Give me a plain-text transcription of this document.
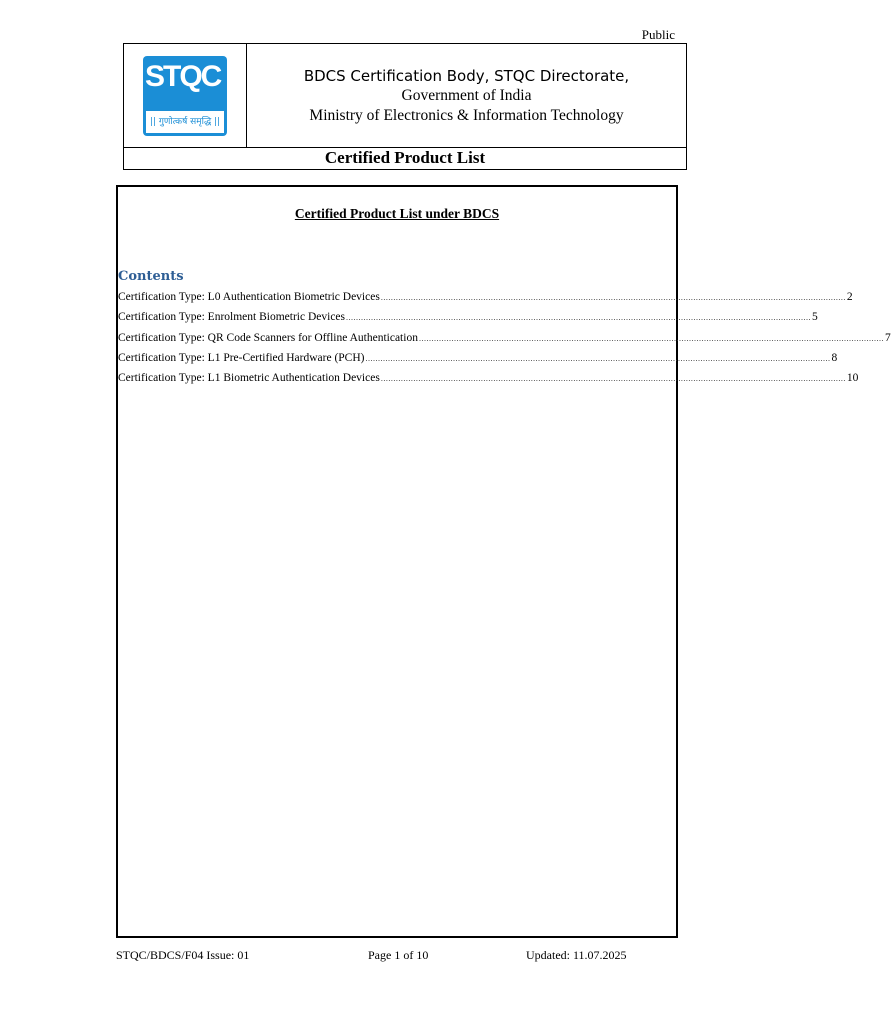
Public
STQC
|| गुणोत्कर्ष समृद्धि ||
BDCS Certification Body, STQC Directorate,
Government of India
Ministry of Electronics & Information Technology
Certified Product List
Certified Product List under BDCS
Contents
Certification Type: L0 Authentication Biometric Devices .......................................................................................................................................................................................... 2
Certification Type: Enrolment Biometric Devices .......................................................................................................................................................................................... 5
Certification Type: QR Code Scanners for Offline Authentication .......................................................................................................................................................................................... 7
Certification Type: L1 Pre-Certified Hardware (PCH) .......................................................................................................................................................................................... 8
Certification Type: L1 Biometric Authentication Devices .......................................................................................................................................................................................... 10
STQC/BDCS/F04 Issue: 01	Page 1 of 10	Updated: 11.07.2025
